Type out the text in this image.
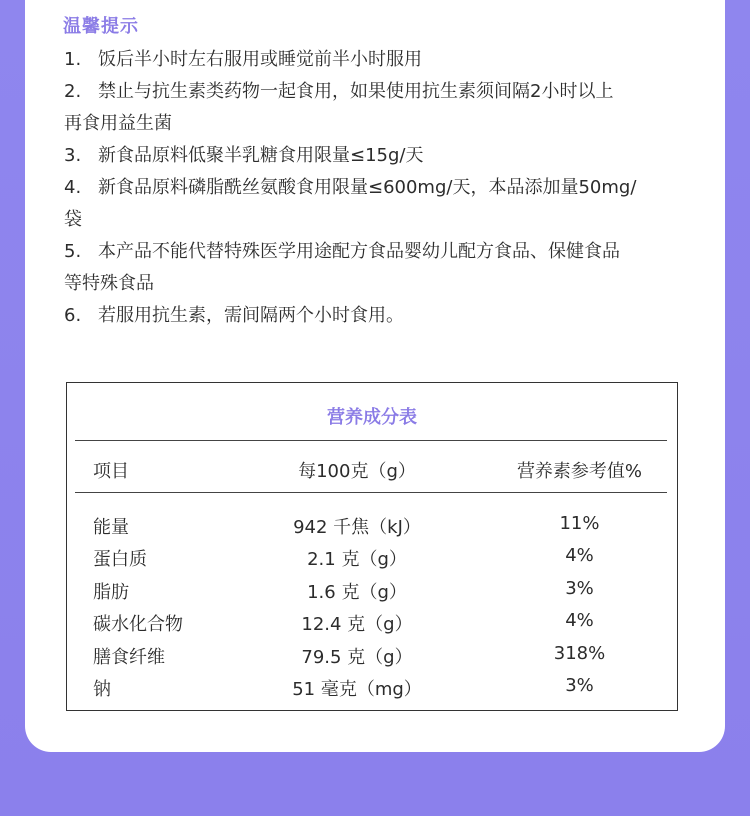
温馨提示

1. 饭后半小时左右服用或睡觉前半小时服用

2. 禁止与抗生素类药物一起食用，如果使用抗生素须间隔2小时以上

再食用益生菌

3. 新食品原料低聚半乳糖食用限量≤15g/天

4. 新食品原料磷脂酰丝氨酸食用限量≤600mg/天，本品添加量50mg/

袋

5. 本产品不能代替特殊医学用途配方食品婴幼儿配方食品、保健食品

等特殊食品

6. 若服用抗生素，需间隔两个小时食用。

营养成分表
项目	每100克（g）	营养素参考值%
能量	942 千焦（kJ）	11%
蛋白质	2.1 克（g）	4%
脂肪	1.6 克（g）	3%
碳水化合物	12.4 克（g）	4%
膳食纤维	79.5 克（g）	318%
钠	51 毫克（mg）	3%
